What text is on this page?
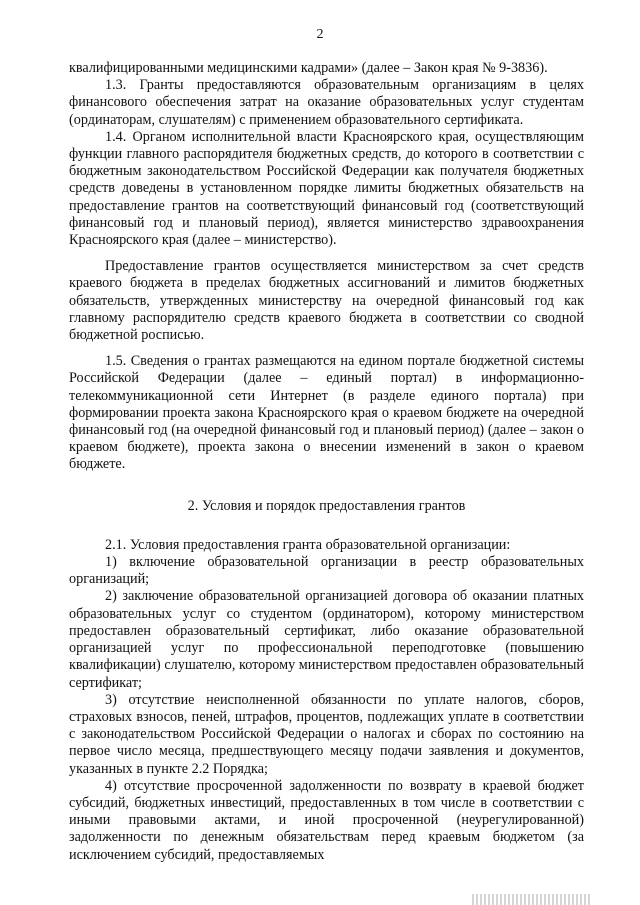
2

квалифицированными медицинскими кадрами» (далее – Закон края № 9-3836).

1.3. Гранты предоставляются образовательным организациям в целях финансового обеспечения затрат на оказание образовательных услуг студентам (ординаторам, слушателям) с применением образовательного сертификата.

1.4. Органом исполнительной власти Красноярского края, осуществляющим функции главного распорядителя бюджетных средств, до которого в соответствии с бюджетным законодательством Российской Федерации как получателя бюджетных средств доведены в установленном порядке лимиты бюджетных обязательств на предоставление грантов на соответствующий финансовый год (соответствующий финансовый год и плановый период), является министерство здравоохранения Красноярского края (далее – министерство).

Предоставление грантов осуществляется министерством за счет средств краевого бюджета в пределах бюджетных ассигнований и лимитов бюджетных обязательств, утвержденных министерству на очередной финансовый год как главному распорядителю средств краевого бюджета в соответствии со сводной бюджетной росписью.

1.5. Сведения о грантах размещаются на едином портале бюджетной системы Российской Федерации (далее – единый портал) в информационно-телекоммуникационной сети Интернет (в разделе единого портала) при формировании проекта закона Красноярского края о краевом бюджете на очередной финансовый год (на очередной финансовый год и плановый период) (далее – закон о краевом бюджете), проекта закона о внесении изменений в закон о краевом бюджете.

2. Условия и порядок предоставления грантов

2.1. Условия предоставления гранта образовательной организации:

1) включение образовательной организации в реестр образовательных организаций;

2) заключение образовательной организацией договора об оказании платных образовательных услуг со студентом (ординатором), которому министерством предоставлен образовательный сертификат, либо оказание образовательной организацией услуг по профессиональной переподготовке (повышению квалификации) слушателю, которому министерством предоставлен образовательный сертификат;

3) отсутствие неисполненной обязанности по уплате налогов, сборов, страховых взносов, пеней, штрафов, процентов, подлежащих уплате в соответствии с законодательством Российской Федерации о налогах и сборах по состоянию на первое число месяца, предшествующего месяцу подачи заявления и документов, указанных в пункте 2.2 Порядка;

4) отсутствие просроченной задолженности по возврату в краевой бюджет субсидий, бюджетных инвестиций, предоставленных в том числе в соответствии с иными правовыми актами, и иной просроченной (неурегулированной) задолженности по денежным обязательствам перед краевым бюджетом (за исключением субсидий, предоставляемых
